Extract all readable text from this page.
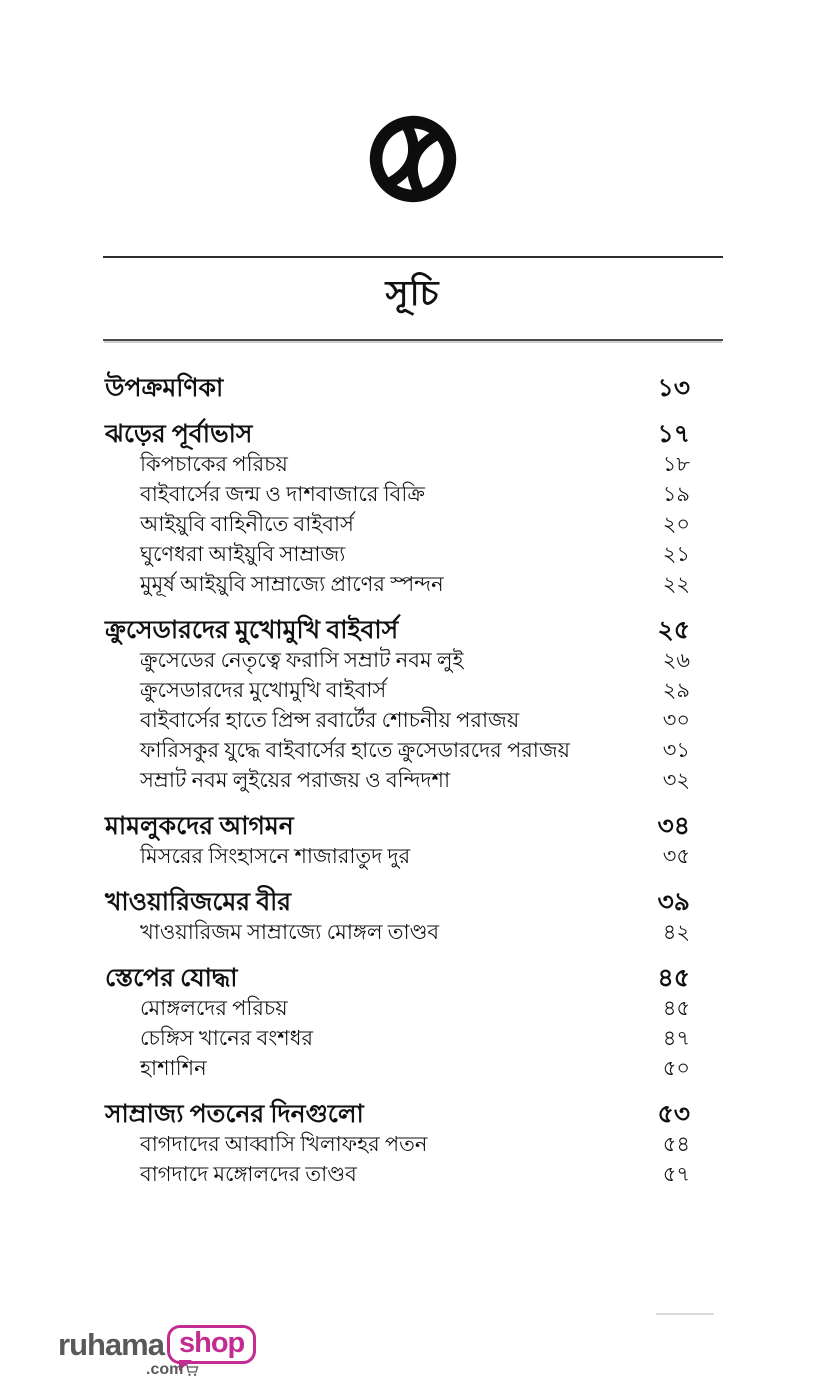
সূচি
উপক্রমণিকা	১৩
ঝড়ের পূর্বাভাস	১৭
কিপচাকের পরিচয়	১৮
বাইবার্সের জন্ম ও দাশবাজারে বিক্রি	১৯
আইয়ুবি বাহিনীতে বাইবার্স	২০
ঘুণেধরা আইয়ুবি সাম্রাজ্য	২১
মুমূর্ষ আইয়ুবি সাম্রাজ্যে প্রাণের স্পন্দন	২২
ক্রুসেডারদের মুখোমুখি বাইবার্স	২৫
ক্রুসেডের নেতৃত্বে ফরাসি সম্রাট নবম লুই	২৬
ক্রুসেডারদের মুখোমুখি বাইবার্স	২৯
বাইবার্সের হাতে প্রিন্স রবার্টের শোচনীয় পরাজয়	৩০
ফারিসকুর যুদ্ধে বাইবার্সের হাতে ক্রুসেডারদের পরাজয়	৩১
সম্রাট নবম লুইয়ের পরাজয় ও বন্দিদশা	৩২
মামলুকদের আগমন	৩৪
মিসরের সিংহাসনে শাজারাতুদ দুর	৩৫
খাওয়ারিজমের বীর	৩৯
খাওয়ারিজম সাম্রাজ্যে মোঙ্গল তাণ্ডব	৪২
স্তেপের যোদ্ধা	৪৫
মোঙ্গলদের পরিচয়	৪৫
চেঙ্গিস খানের বংশধর	৪৭
হাশাশিন	৫০
সাম্রাজ্য পতনের দিনগুলো	৫৩
বাগদাদের আব্বাসি খিলাফহর পতন	৫৪
বাগদাদে মঙ্গোলদের তাণ্ডব	৫৭
ruhama shop
.com
